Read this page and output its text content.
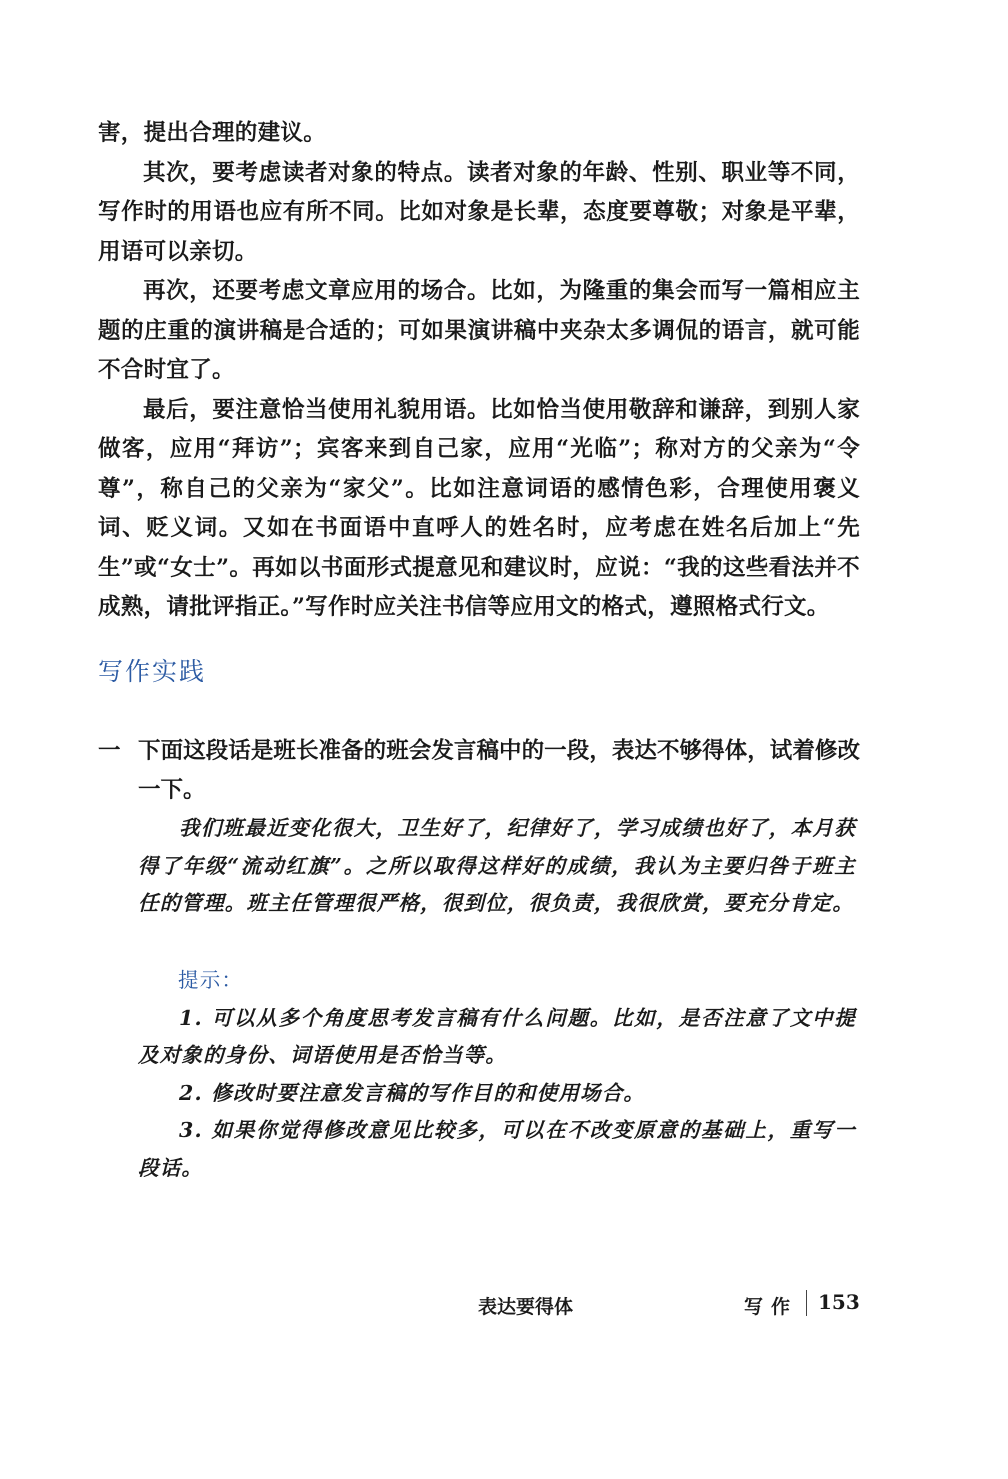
害，提出合理的建议。

其次，要考虑读者对象的特点。读者对象的年龄、性别、职业等不同，写作时的用语也应有所不同。比如对象是长辈，态度要尊敬；对象是平辈，用语可以亲切。

再次，还要考虑文章应用的场合。比如，为隆重的集会而写一篇相应主题的庄重的演讲稿是合适的；可如果演讲稿中夹杂太多调侃的语言，就可能不合时宜了。

最后，要注意恰当使用礼貌用语。比如恰当使用敬辞和谦辞，到别人家做客，应用“拜访”；宾客来到自己家，应用“光临”；称对方的父亲为“令尊”，称自己的父亲为“家父”。比如注意词语的感情色彩，合理使用褒义词、贬义词。又如在书面语中直呼人的姓名时，应考虑在姓名后加上“先生”或“女士”。再如以书面形式提意见和建议时，应说：“我的这些看法并不成熟，请批评指正。”写作时应关注书信等应用文的格式，遵照格式行文。

写作实践
一 下面这段话是班长准备的班会发言稿中的一段，表达不够得体，试着修改一下。
我们班最近变化很大，卫生好了，纪律好了，学习成绩也好了，本月获得了年级“流动红旗”。之所以取得这样好的成绩，我认为主要归咎于班主任的管理。班主任管理很严格，很到位，很负责，我很欣赏，要充分肯定。
提示：

1. 可以从多个角度思考发言稿有什么问题。比如，是否注意了文中提及对象的身份、词语使用是否恰当等。

2. 修改时要注意发言稿的写作目的和使用场合。

3. 如果你觉得修改意见比较多，可以在不改变原意的基础上，重写一段话。

表达要得体	写作 153
